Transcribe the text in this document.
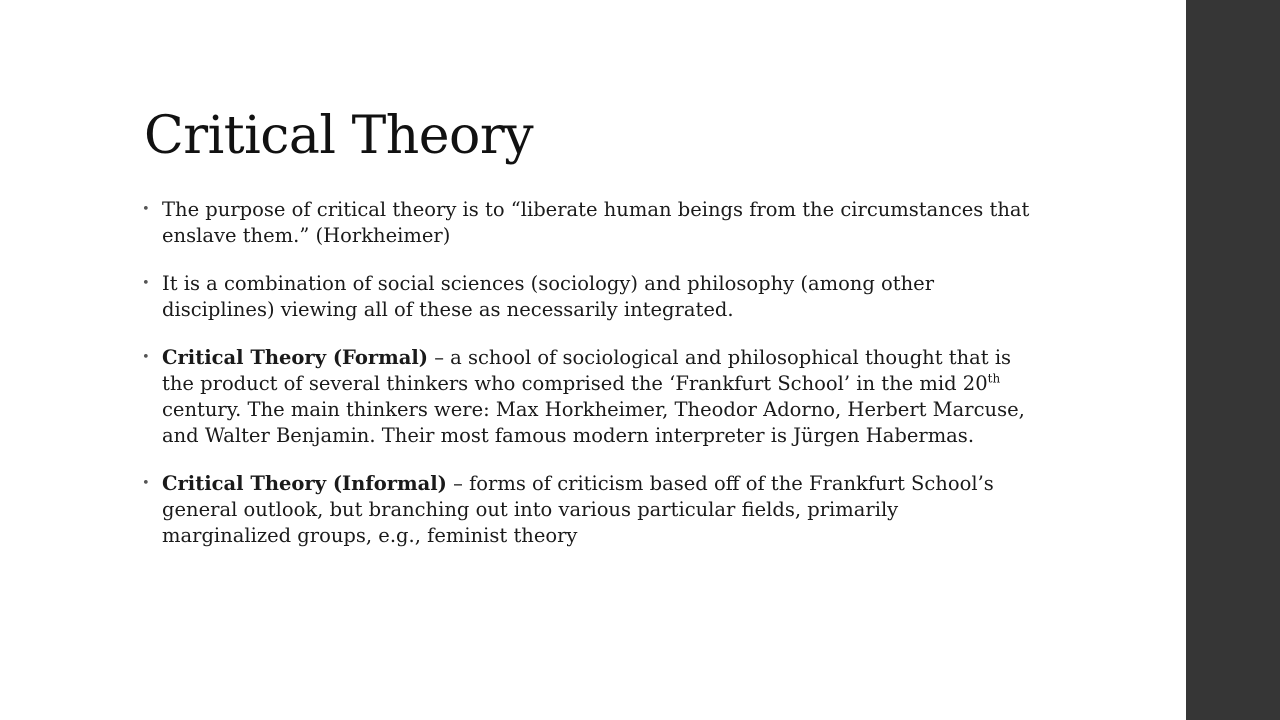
Critical Theory
• The purpose of critical theory is to “liberate human beings from the circumstances that enslave them.” (Horkheimer)
• It is a combination of social sciences (sociology) and philosophy (among other disciplines) viewing all of these as necessarily integrated.
• Critical Theory (Formal) – a school of sociological and philosophical thought that is the product of several thinkers who comprised the ‘Frankfurt School’ in the mid 20th century. The main thinkers were: Max Horkheimer, Theodor Adorno, Herbert Marcuse, and Walter Benjamin. Their most famous modern interpreter is Jürgen Habermas.
• Critical Theory (Informal) – forms of criticism based off of the Frankfurt School’s general outlook, but branching out into various particular fields, primarily marginalized groups, e.g., feminist theory
